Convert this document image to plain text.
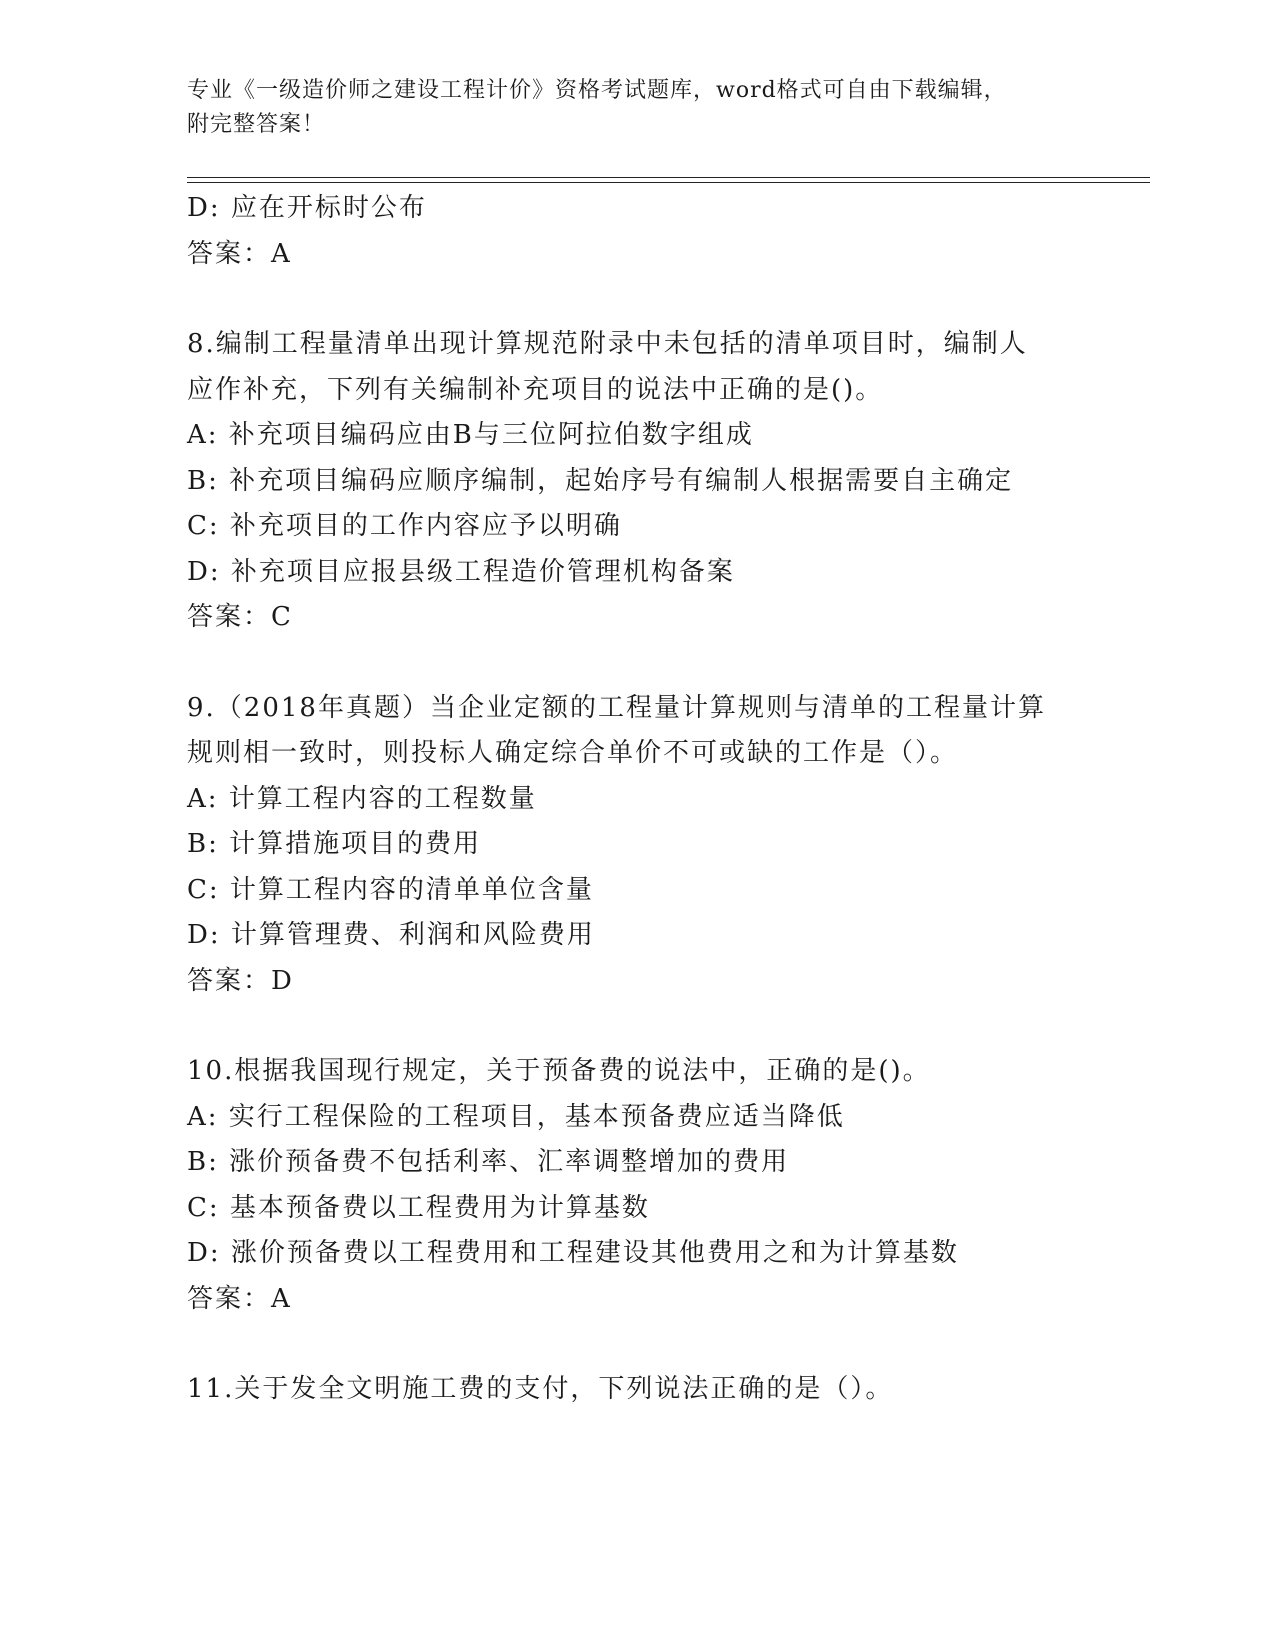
专业《一级造价师之建设工程计价》资格考试题库，word格式可自由下载编辑，
附完整答案！
D: 应在开标时公布
答案：A
8.编制工程量清单出现计算规范附录中未包括的清单项目时，编制人
应作补充，下列有关编制补充项目的说法中正确的是()。
A: 补充项目编码应由B与三位阿拉伯数字组成
B: 补充项目编码应顺序编制，起始序号有编制人根据需要自主确定
C: 补充项目的工作内容应予以明确
D: 补充项目应报县级工程造价管理机构备案
答案：C
9.（2018年真题）当企业定额的工程量计算规则与清单的工程量计算
规则相一致时，则投标人确定综合单价不可或缺的工作是（）。
A: 计算工程内容的工程数量
B: 计算措施项目的费用
C: 计算工程内容的清单单位含量
D: 计算管理费、利润和风险费用
答案：D
10.根据我国现行规定，关于预备费的说法中，正确的是()。
A: 实行工程保险的工程项目，基本预备费应适当降低
B: 涨价预备费不包括利率、汇率调整增加的费用
C: 基本预备费以工程费用为计算基数
D: 涨价预备费以工程费用和工程建设其他费用之和为计算基数
答案：A
11.关于发全文明施工费的支付，下列说法正确的是（）。
